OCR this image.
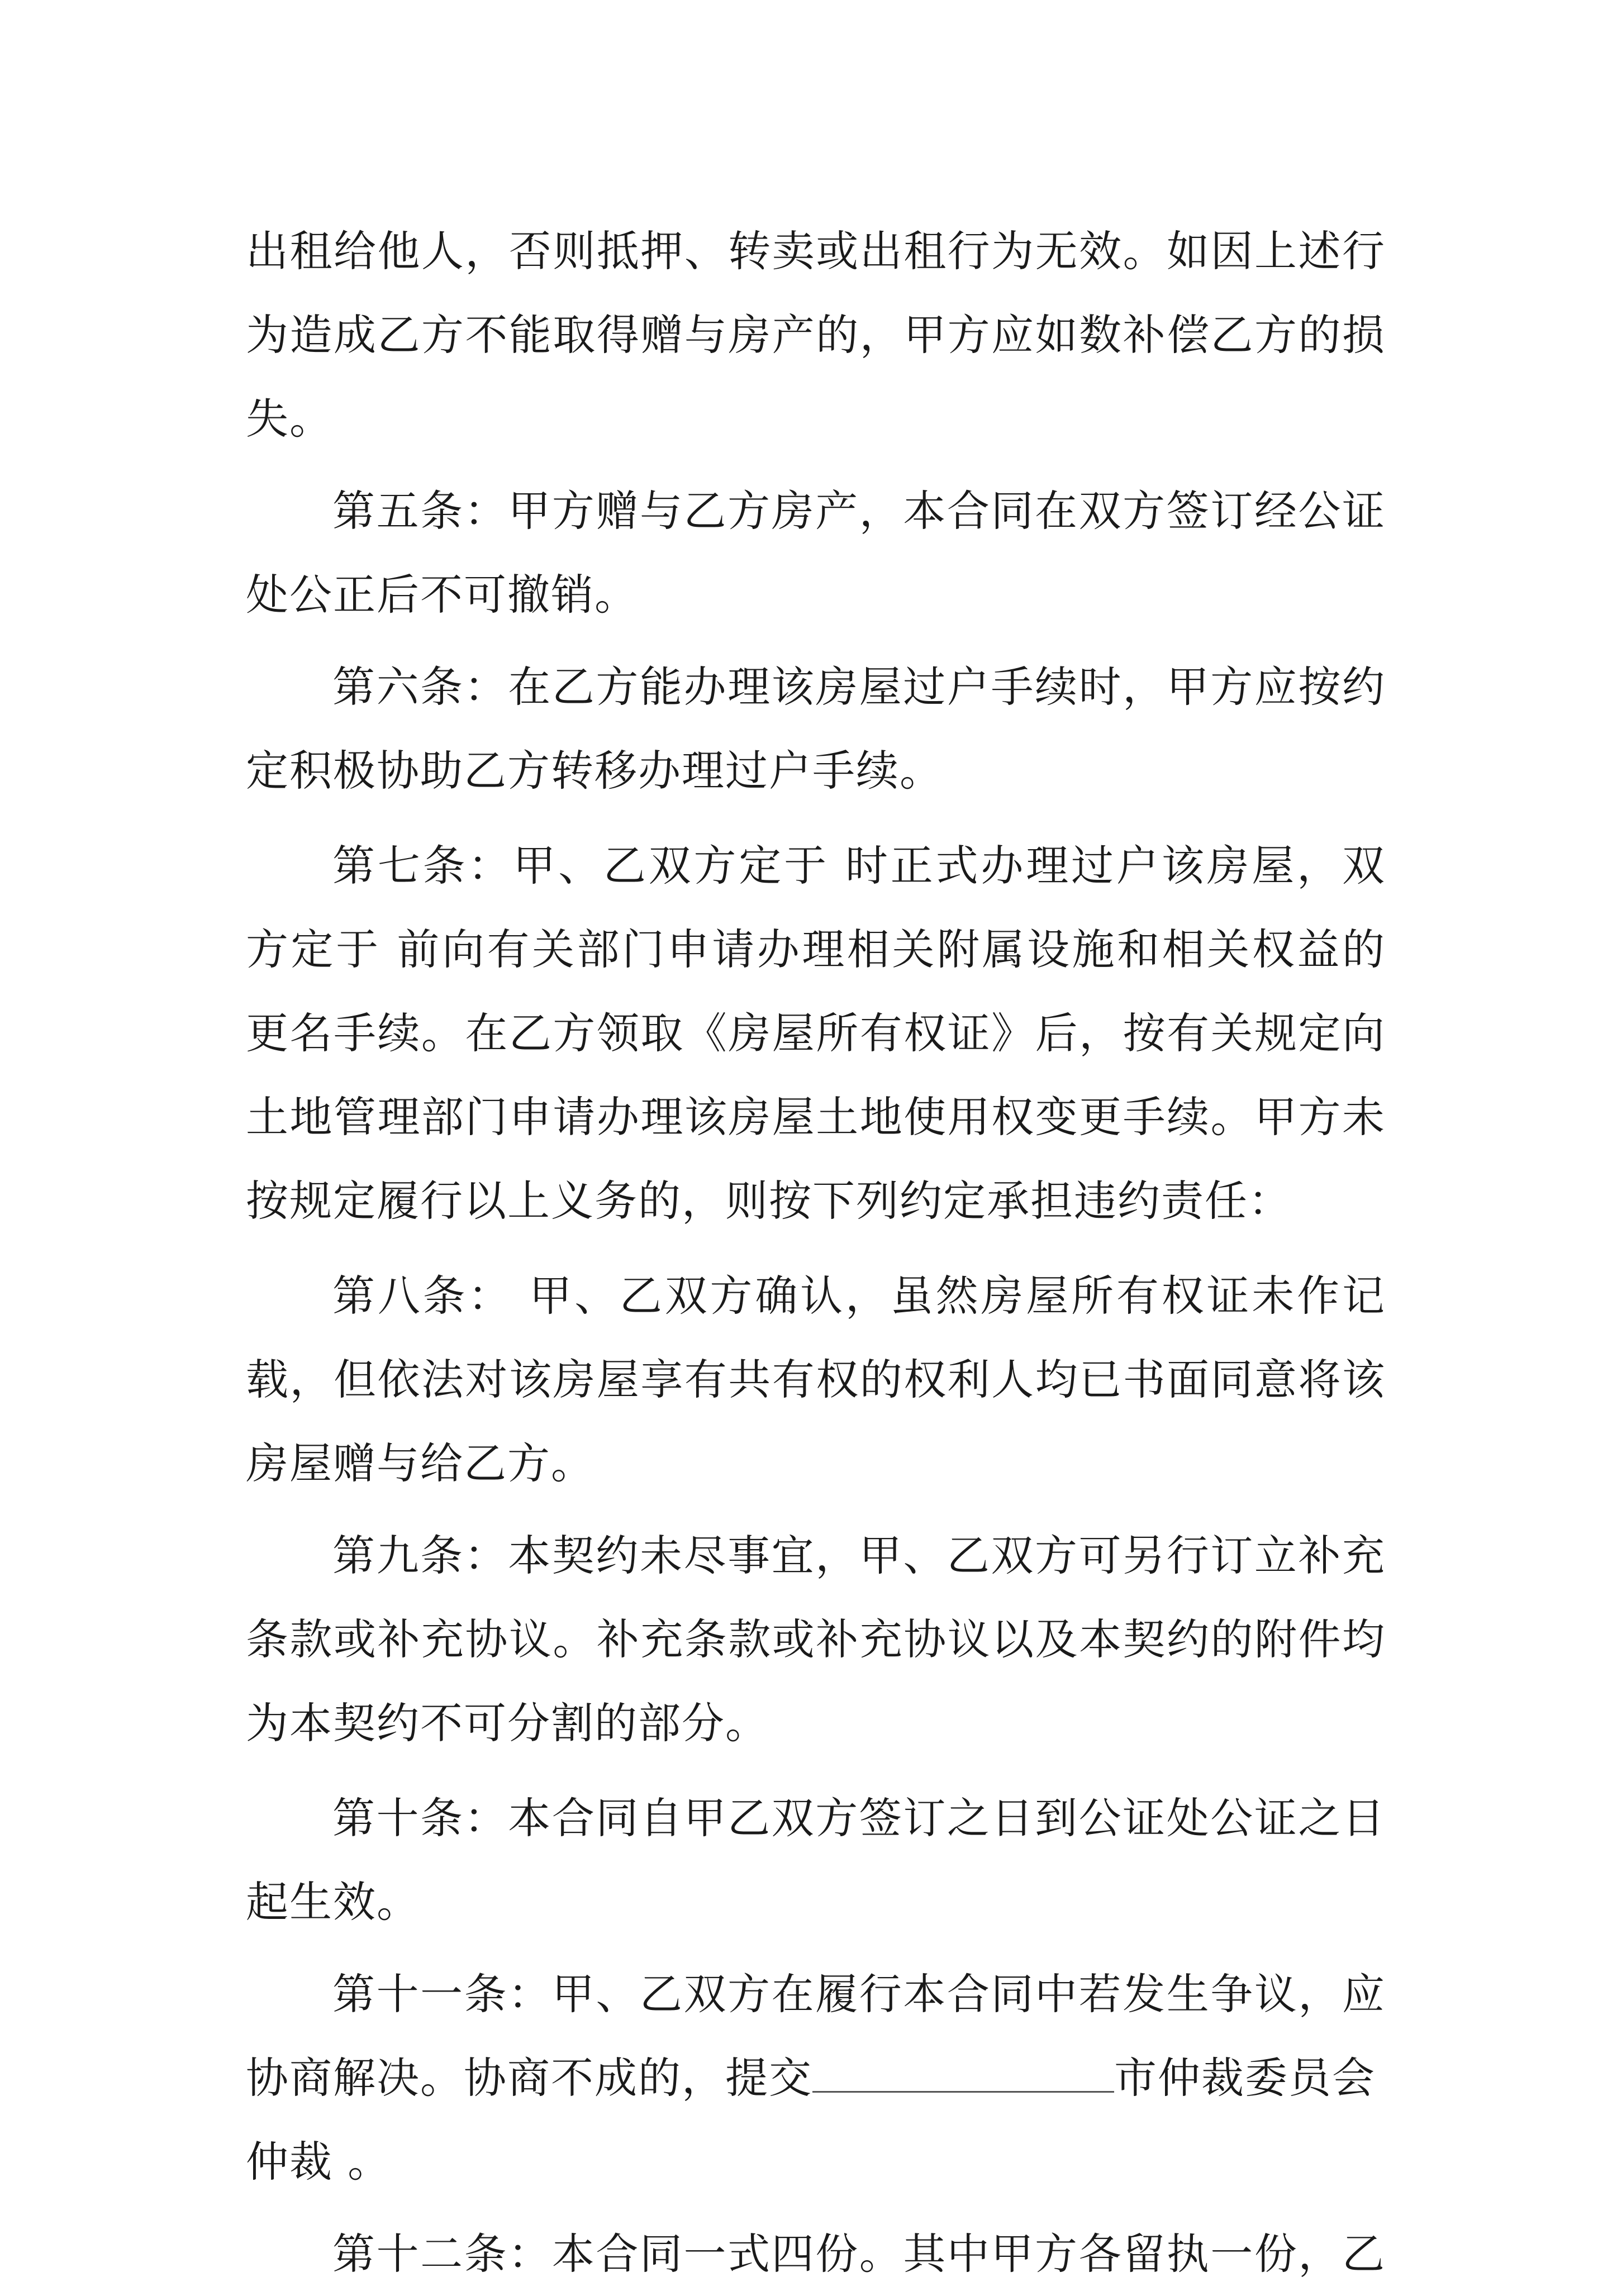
出租给他人，否则抵押、转卖或出租行为无效。如因上述行
为造成乙方不能取得赠与房产的，甲方应如数补偿乙方的损
失。
第五条：甲方赠与乙方房产，本合同在双方签订经公证
处公正后不可撤销。
第六条：在乙方能办理该房屋过户手续时，甲方应按约
定积极协助乙方转移办理过户手续。
第七条：甲、乙双方定于 时正式办理过户该房屋，双
方定于 前向有关部门申请办理相关附属设施和相关权益的
更名手续。在乙方领取《房屋所有权证》后，按有关规定向
土地管理部门申请办理该房屋土地使用权变更手续。甲方未
按规定履行以上义务的，则按下列约定承担违约责任：
第八条： 甲、乙双方确认，虽然房屋所有权证未作记
载，但依法对该房屋享有共有权的权利人均已书面同意将该
房屋赠与给乙方。
第九条：本契约未尽事宜，甲、乙双方可另行订立补充
条款或补充协议。补充条款或补充协议以及本契约的附件均
为本契约不可分割的部分。
第十条：本合同自甲乙双方签订之日到公证处公证之日
起生效。
第十一条：甲、乙双方在履行本合同中若发生争议，应
协商解决。协商不成的，提交	市仲裁委员会
仲裁 。
第十二条：本合同一式四份。其中甲方各留执一份，乙
